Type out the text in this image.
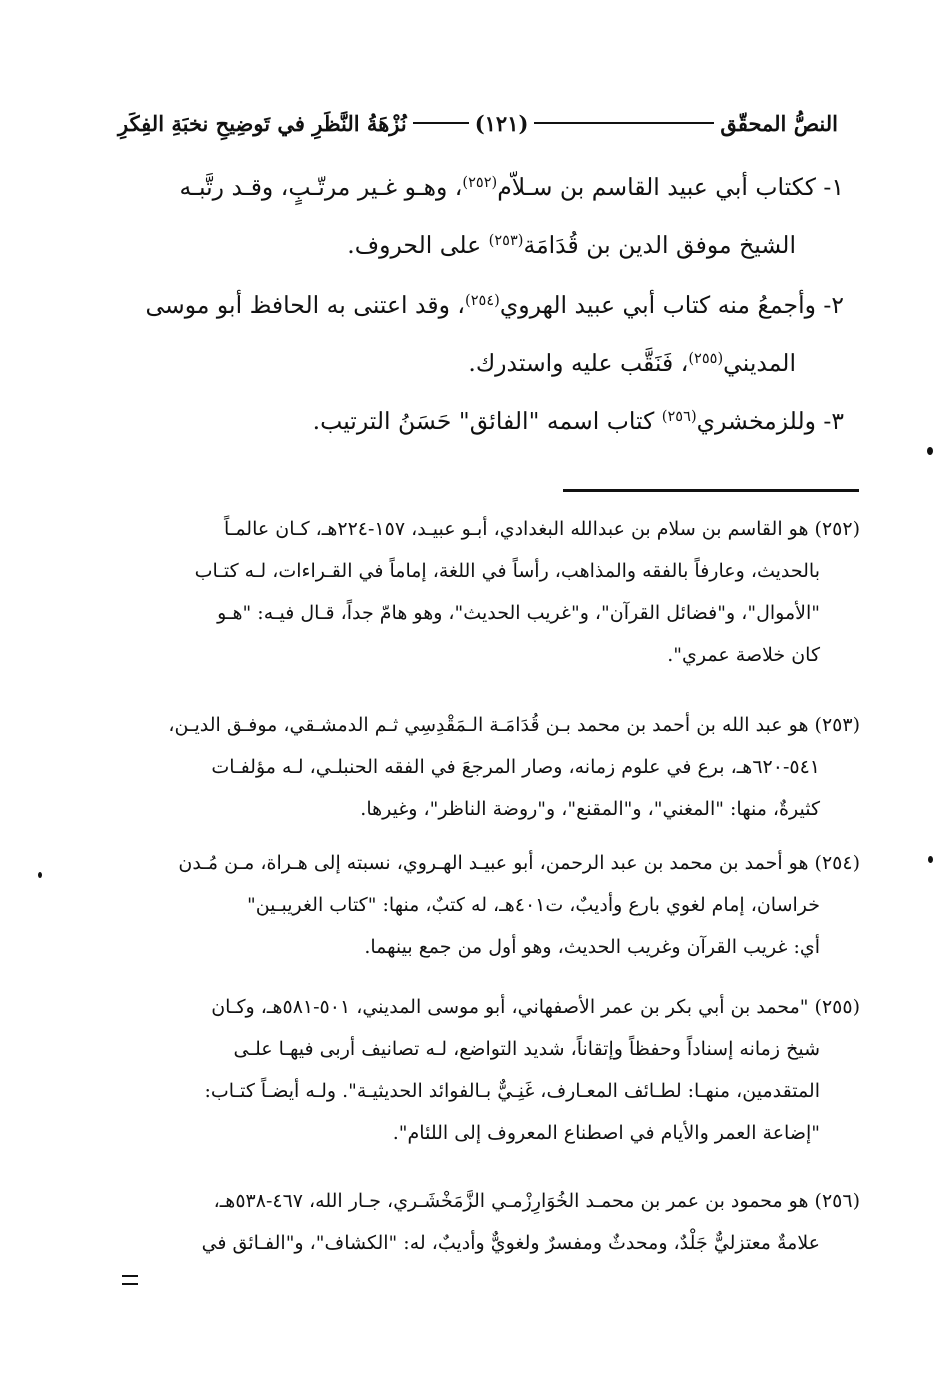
النصُّ المحقّق
(١٢١)
نُزْهَةُ النَّظَرِ في تَوضِيحِ نخبَةِ الفِكَرِ
١- ككتاب أبي عبيد القاسم بن سـلاّم$^{(٢٥٢)}$، وهـو غـير مرتّـبٍ، وقـد رتَّبـه
الشيخ موفق الدين بن قُدَامَة$^{(٢٥٣)}$ على الحروف.
٢- وأجمعُ منه كتاب أبي عبيد الهروي$^{(٢٥٤)}$، وقد اعتنى به الحافظ أبو موسى
المديني$^{(٢٥٥)}$، فَنَقَّب عليه واستدرك.
٣- وللزمخشري$^{(٢٥٦)}$ كتاب اسمه "الفائق" حَسَنُ الترتيب.
(٢٥٢) هو القاسم بن سلام بن عبدالله البغدادي، أبـو عبيـد، ١٥٧-٢٢٤هـ، كـان عالمـاً
بالحديث، وعارفاً بالفقه والمذاهب، رأساً في اللغة، إماماً في القـراءات، لـه كتـاب
"الأموال"، و"فضائل القرآن"، و"غريب الحديث"، وهو هامّ جداً، قـال فيـه: "هـو
كان خلاصة عمري".
(٢٥٣) هو عبد الله بن أحمد بن محمد بـن قُدَامَـة الـمَقْدِسِي ثـم الدمشـقي، موفـق الديـن،
٥٤١-٦٢٠هـ، برع في علوم زمانه، وصار المرجعَ في الفقه الحنبلـي، لـه مؤلفـات
كثيرةٌ، منها: "المغني"، و"المقنع"، و"روضة الناظر"، وغيرها.
(٢٥٤) هو أحمد بن محمد بن عبد الرحمن، أبو عبيـد الهـروي، نسبته إلى هـراة، مـن مُـدن
خراسان، إمام لغوي بارع وأديبٌ، ت٤٠١هـ، له كتبٌ، منها: "كتاب الغريبـين"
أي: غريب القرآن وغريب الحديث، وهو أول من جمع بينهما.
(٢٥٥) "محمد بن أبي بكر بن عمر الأصفهاني، أبو موسى المديني، ٥٠١-٥٨١هـ، وكـان
شيخ زمانه إسناداً وحفظاً وإتقاناً، شديد التواضع، لـه تصانيف أربى فيهـا علـى
المتقدمين، منهـا: لطـائف المعـارف، غَنِـيٌّ بـالفوائد الحديثيـة". ولـه أيضـاً كتـاب:
"إضاعة العمر والأيام في اصطناع المعروف إلى اللئام".
(٢٥٦) هو محمود بن عمر بن محمـد الخُوَارِزْمـي الزَّمَخْشَـري، جـار الله، ٤٦٧-٥٣٨هـ،
علامةٌ معتزليٌّ جَلْدٌ، ومحدثٌ ومفسرٌ ولغويٌّ وأديبٌ، له: "الكشاف"، و"الفـائق في
